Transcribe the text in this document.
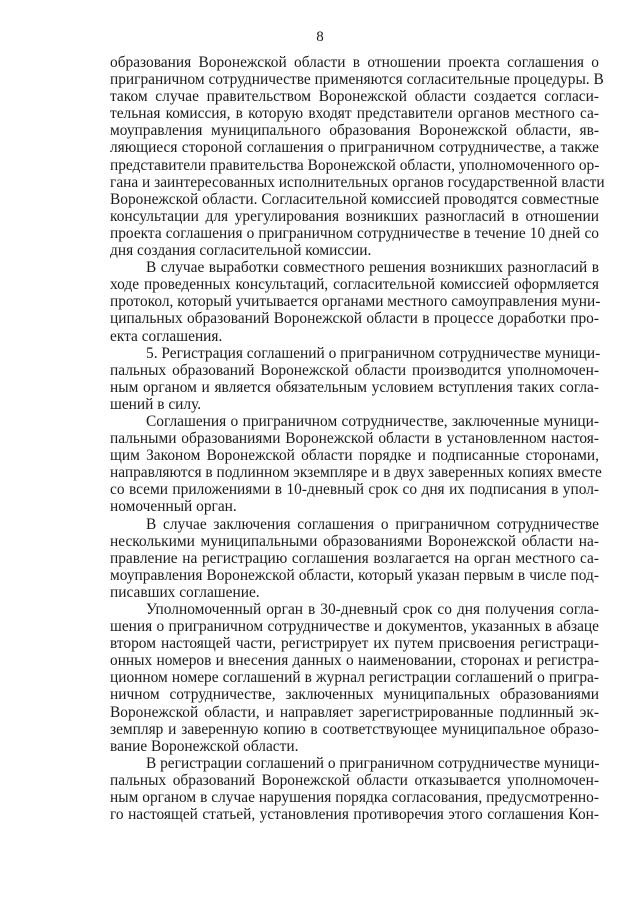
8
образования Воронежской области в отношении проекта соглашения о
приграничном сотрудничестве применяются согласительные процедуры. В
таком случае правительством Воронежской области создается согласи-
тельная комиссия, в которую входят представители органов местного са-
моуправления муниципального образования Воронежской области, яв-
ляющиеся стороной соглашения о приграничном сотрудничестве, а также
представители правительства Воронежской области, уполномоченного ор-
гана и заинтересованных исполнительных органов государственной власти
Воронежской области. Согласительной комиссией проводятся совместные
консультации для урегулирования возникших разногласий в отношении
проекта соглашения о приграничном сотрудничестве в течение 10 дней со
дня создания согласительной комиссии.
В случае выработки совместного решения возникших разногласий в
ходе проведенных консультаций, согласительной комиссией оформляется
протокол, который учитывается органами местного самоуправления муни-
ципальных образований Воронежской области в процессе доработки про-
екта соглашения.
5. Регистрация соглашений о приграничном сотрудничестве муници-
пальных образований Воронежской области производится уполномочен-
ным органом и является обязательным условием вступления таких согла-
шений в силу.
Соглашения о приграничном сотрудничестве, заключенные муници-
пальными образованиями Воронежской области в установленном настоя-
щим Законом Воронежской области порядке и подписанные сторонами,
направляются в подлинном экземпляре и в двух заверенных копиях вместе
со всеми приложениями в 10-дневный срок со дня их подписания в упол-
номоченный орган.
В случае заключения соглашения о приграничном сотрудничестве
несколькими муниципальными образованиями Воронежской области на-
правление на регистрацию соглашения возлагается на орган местного са-
моуправления Воронежской области, который указан первым в числе под-
писавших соглашение.
Уполномоченный орган в 30-дневный срок со дня получения согла-
шения о приграничном сотрудничестве и документов, указанных в абзаце
втором настоящей части, регистрирует их путем присвоения регистраци-
онных номеров и внесения данных о наименовании, сторонах и регистра-
ционном номере соглашений в журнал регистрации соглашений о пригра-
ничном сотрудничестве, заключенных муниципальных образованиями
Воронежской области, и направляет зарегистрированные подлинный эк-
земпляр и заверенную копию в соответствующее муниципальное образо-
вание Воронежской области.
В регистрации соглашений о приграничном сотрудничестве муници-
пальных образований Воронежской области отказывается уполномочен-
ным органом в случае нарушения порядка согласования, предусмотренно-
го настоящей статьей, установления противоречия этого соглашения Кон-
